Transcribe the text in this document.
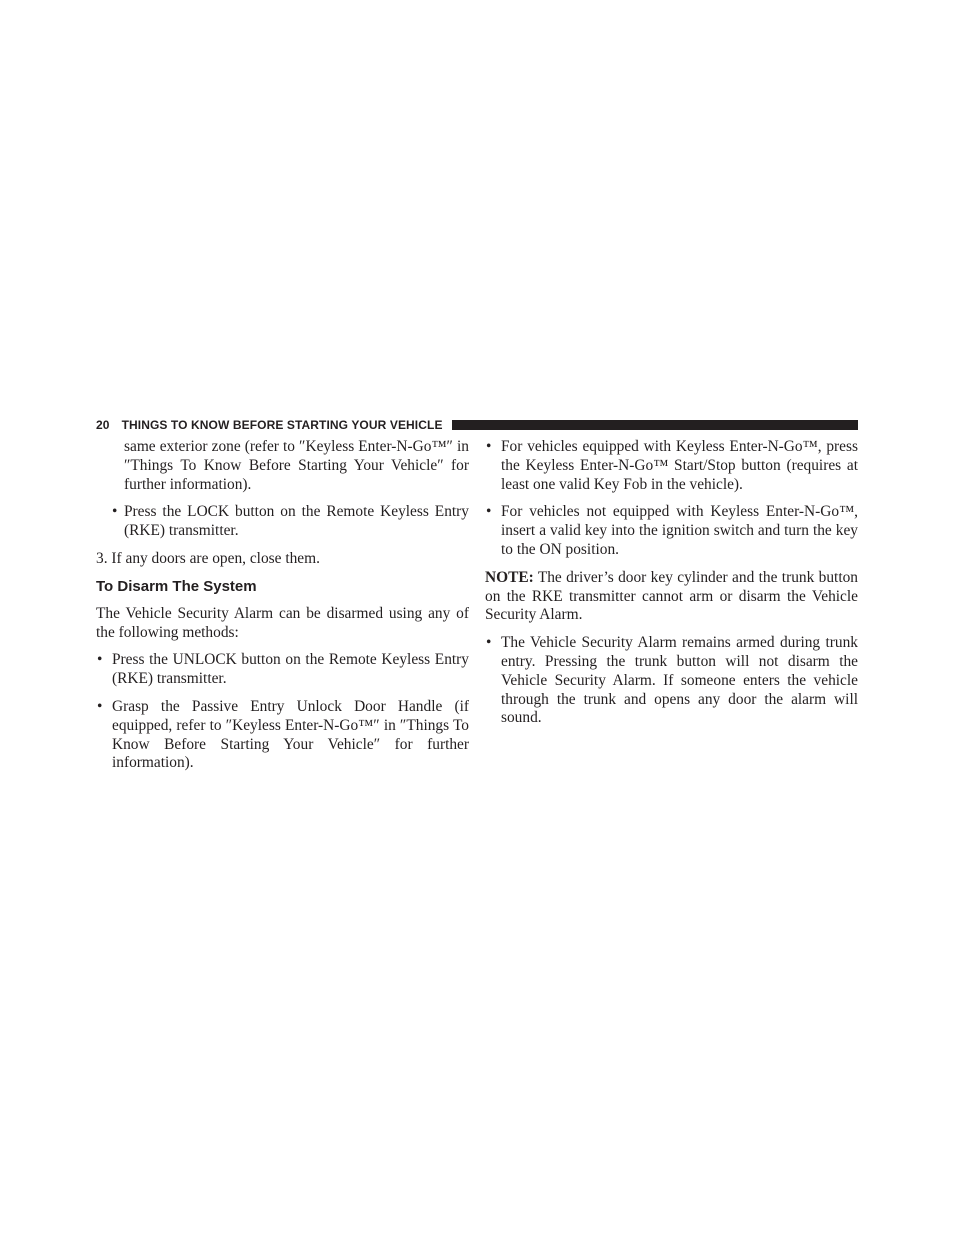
20 THINGS TO KNOW BEFORE STARTING YOUR VEHICLE

same exterior zone (refer to ″Keyless Enter-N-Go™″ in ″Things To Know Before Starting Your Vehicle″ for further information).

• Press the LOCK button on the Remote Keyless Entry (RKE) transmitter.

3. If any doors are open, close them.

To Disarm The System

The Vehicle Security Alarm can be disarmed using any of the following methods:

• Press the UNLOCK button on the Remote Keyless Entry (RKE) transmitter.
• Grasp the Passive Entry Unlock Door Handle (if equipped, refer to ″Keyless Enter-N-Go™″ in ″Things To Know Before Starting Your Vehicle″ for further information).
• For vehicles equipped with Keyless Enter-N-Go™, press the Keyless Enter-N-Go™ Start/Stop button (requires at least one valid Key Fob in the vehicle).
• For vehicles not equipped with Keyless Enter-N-Go™, insert a valid key into the ignition switch and turn the key to the ON position.

NOTE: The driver’s door key cylinder and the trunk button on the RKE transmitter cannot arm or disarm the Vehicle Security Alarm.

• The Vehicle Security Alarm remains armed during trunk entry. Pressing the trunk button will not disarm the Vehicle Security Alarm. If someone enters the vehicle through the trunk and opens any door the alarm will sound.
